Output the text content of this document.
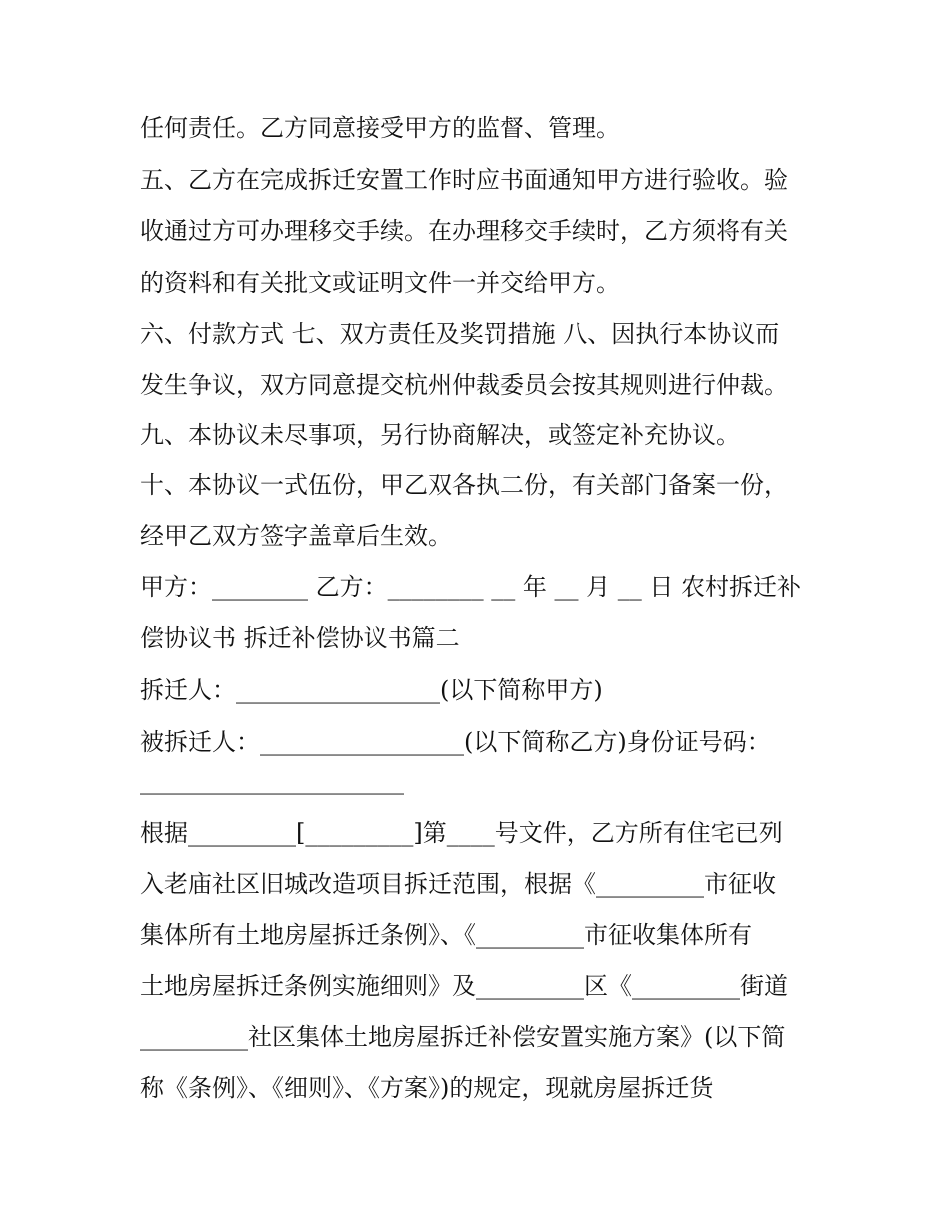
任何责任。乙方同意接受甲方的监督、管理。
五、乙方在完成拆迁安置工作时应书面通知甲方进行验收。验
收通过方可办理移交手续。在办理移交手续时，乙方须将有关
的资料和有关批文或证明文件一并交给甲方。
六、付款方式 七、双方责任及奖罚措施 八、因执行本协议而
发生争议，双方同意提交杭州仲裁委员会按其规则进行仲裁。
九、本协议未尽事项，另行协商解决，或签定补充协议。
十、本协议一式伍份，甲乙双各执二份，有关部门备案一份，
经甲乙双方签字盖章后生效。
甲方：________ 乙方：________ __ 年 __ 月 __ 日 农村拆迁补
偿协议书 拆迁补偿协议书篇二
拆迁人：_________________(以下简称甲方)
被拆迁人：_________________(以下简称乙方)身份证号码：
______________________
根据_________[_________]第____号文件，乙方所有住宅已列
入老庙社区旧城改造项目拆迁范围，根据《_________市征收
集体所有土地房屋拆迁条例》、《_________市征收集体所有
土地房屋拆迁条例实施细则》及_________区《_________街道
_________社区集体土地房屋拆迁补偿安置实施方案》(以下简
称《条例》、《细则》、《方案》)的规定，现就房屋拆迁货
